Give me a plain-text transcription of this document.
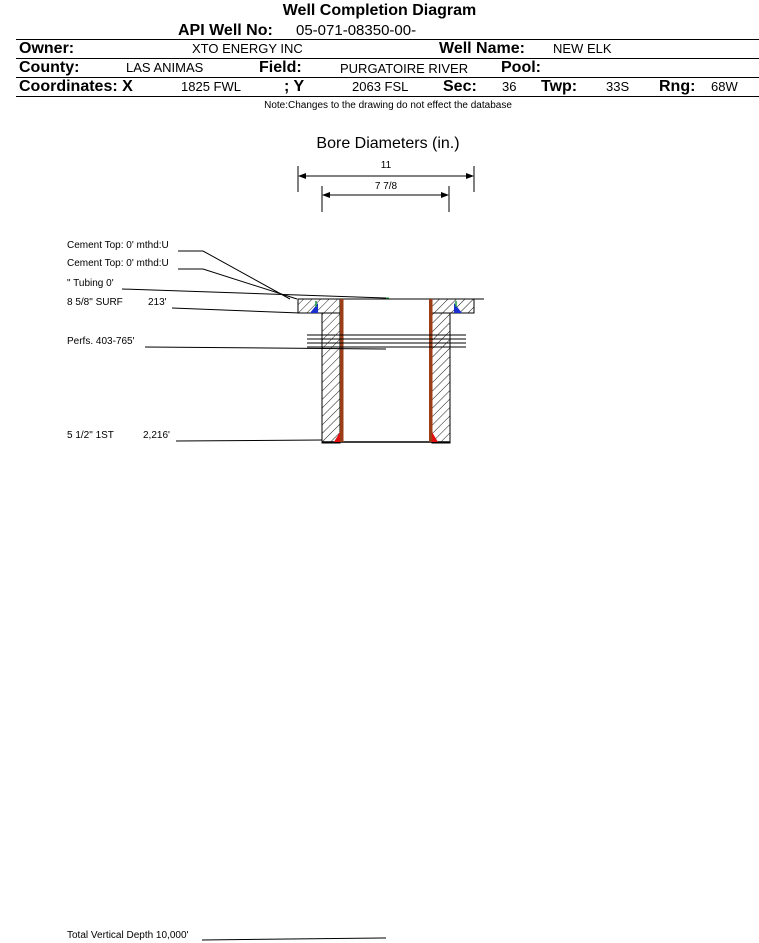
Well Completion Diagram
API Well No: 05-071-08350-00-
Owner:	XTO ENERGY INC	Well Name: NEW ELK
County:	LAS ANIMAS	Field:	PURGATOIRE RIVER Pool:
Coordinates: X	1825 FWL	; Y	2063 FSL Sec: 36 Twp: 33S Rng: 68W
Note:Changes to the drawing do not effect the database
Bore Diameters (in.)
11
7 7/8
Cement Top: 0' mthd:U
Cement Top: 0' mthd:U
" Tubing 0'
8 5/8" SURF	213'
Perfs. 403-765'
5 1/2" 1ST	2,216'
Total Vertical Depth 10,000'
